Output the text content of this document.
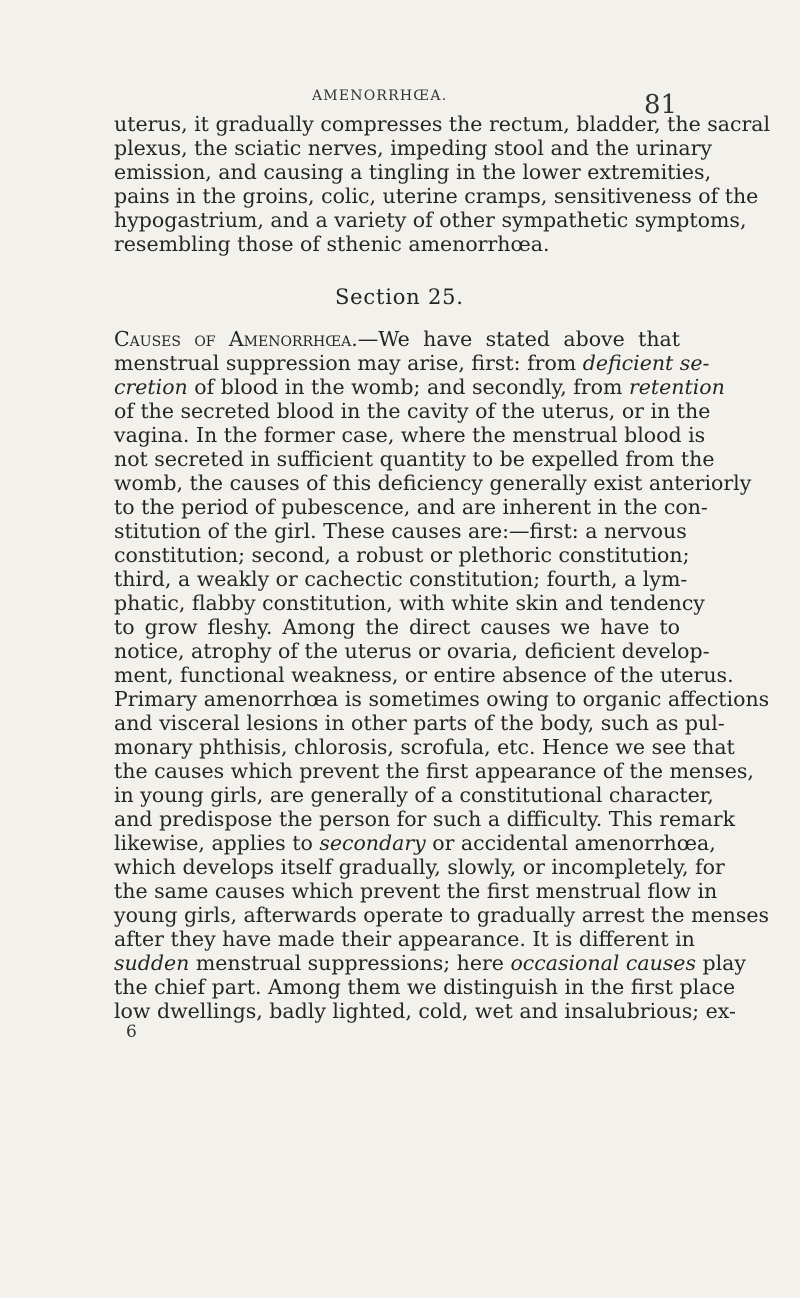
AMENORRHŒA.	81
uterus, it gradually compresses the rectum, bladder, the sacral
plexus, the sciatic nerves, impeding stool and the urinary
emission, and causing a tingling in the lower extremities,
pains in the groins, colic, uterine cramps, sensitiveness of the
hypogastrium, and a variety of other sympathetic symptoms,
resembling those of sthenic amenorrhœa.
Section 25.
Causes of Amenorrhœa.—We have stated above that
menstrual suppression may arise, first: from deficient se-
cretion of blood in the womb; and secondly, from retention
of the secreted blood in the cavity of the uterus, or in the
vagina. In the former case, where the menstrual blood is
not secreted in sufficient quantity to be expelled from the
womb, the causes of this deficiency generally exist anteriorly
to the period of pubescence, and are inherent in the con-
stitution of the girl. These causes are:—first: a nervous
constitution; second, a robust or plethoric constitution;
third, a weakly or cachectic constitution; fourth, a lym-
phatic, flabby constitution, with white skin and tendency
to grow fleshy. Among the direct causes we have to
notice, atrophy of the uterus or ovaria, deficient develop-
ment, functional weakness, or entire absence of the uterus.
Primary amenorrhœa is sometimes owing to organic affections
and visceral lesions in other parts of the body, such as pul-
monary phthisis, chlorosis, scrofula, etc. Hence we see that
the causes which prevent the first appearance of the menses,
in young girls, are generally of a constitutional character,
and predispose the person for such a difficulty. This remark
likewise, applies to secondary or accidental amenorrhœa,
which develops itself gradually, slowly, or incompletely, for
the same causes which prevent the first menstrual flow in
young girls, afterwards operate to gradually arrest the menses
after they have made their appearance. It is different in
sudden menstrual suppressions; here occasional causes play
the chief part. Among them we distinguish in the first place
low dwellings, badly lighted, cold, wet and insalubrious; ex-
6
